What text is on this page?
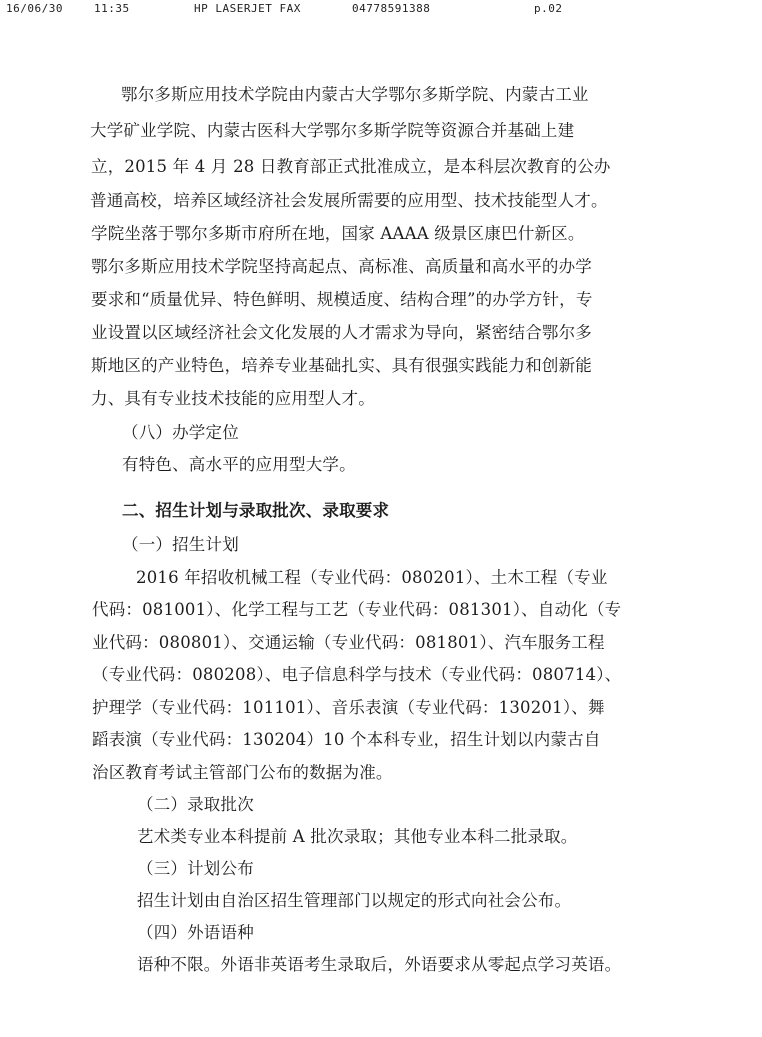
16/06/30	11:35	HP LASERJET FAX	04778591388	p.02
鄂尔多斯应用技术学院由内蒙古大学鄂尔多斯学院、内蒙古工业
大学矿业学院、内蒙古医科大学鄂尔多斯学院等资源合并基础上建
立，2015 年 4 月 28 日教育部正式批准成立，是本科层次教育的公办
普通高校，培养区域经济社会发展所需要的应用型、技术技能型人才。
学院坐落于鄂尔多斯市府所在地，国家 AAAA 级景区康巴什新区。
鄂尔多斯应用技术学院坚持高起点、高标准、高质量和高水平的办学
要求和“质量优异、特色鲜明、规模适度、结构合理”的办学方针，专
业设置以区域经济社会文化发展的人才需求为导向，紧密结合鄂尔多
斯地区的产业特色，培养专业基础扎实、具有很强实践能力和创新能
力、具有专业技术技能的应用型人才。
（八）办学定位
有特色、高水平的应用型大学。
二、招生计划与录取批次、录取要求
（一）招生计划
2016 年招收机械工程（专业代码：080201）、土木工程（专业
代码：081001）、化学工程与工艺（专业代码：081301）、自动化（专
业代码：080801）、交通运输（专业代码：081801）、汽车服务工程
（专业代码：080208）、电子信息科学与技术（专业代码：080714）、
护理学（专业代码：101101）、音乐表演（专业代码：130201）、舞
蹈表演（专业代码：130204）10 个本科专业，招生计划以内蒙古自
治区教育考试主管部门公布的数据为准。
（二）录取批次
艺术类专业本科提前 A 批次录取；其他专业本科二批录取。
（三）计划公布
招生计划由自治区招生管理部门以规定的形式向社会公布。
（四）外语语种
语种不限。外语非英语考生录取后，外语要求从零起点学习英语。
